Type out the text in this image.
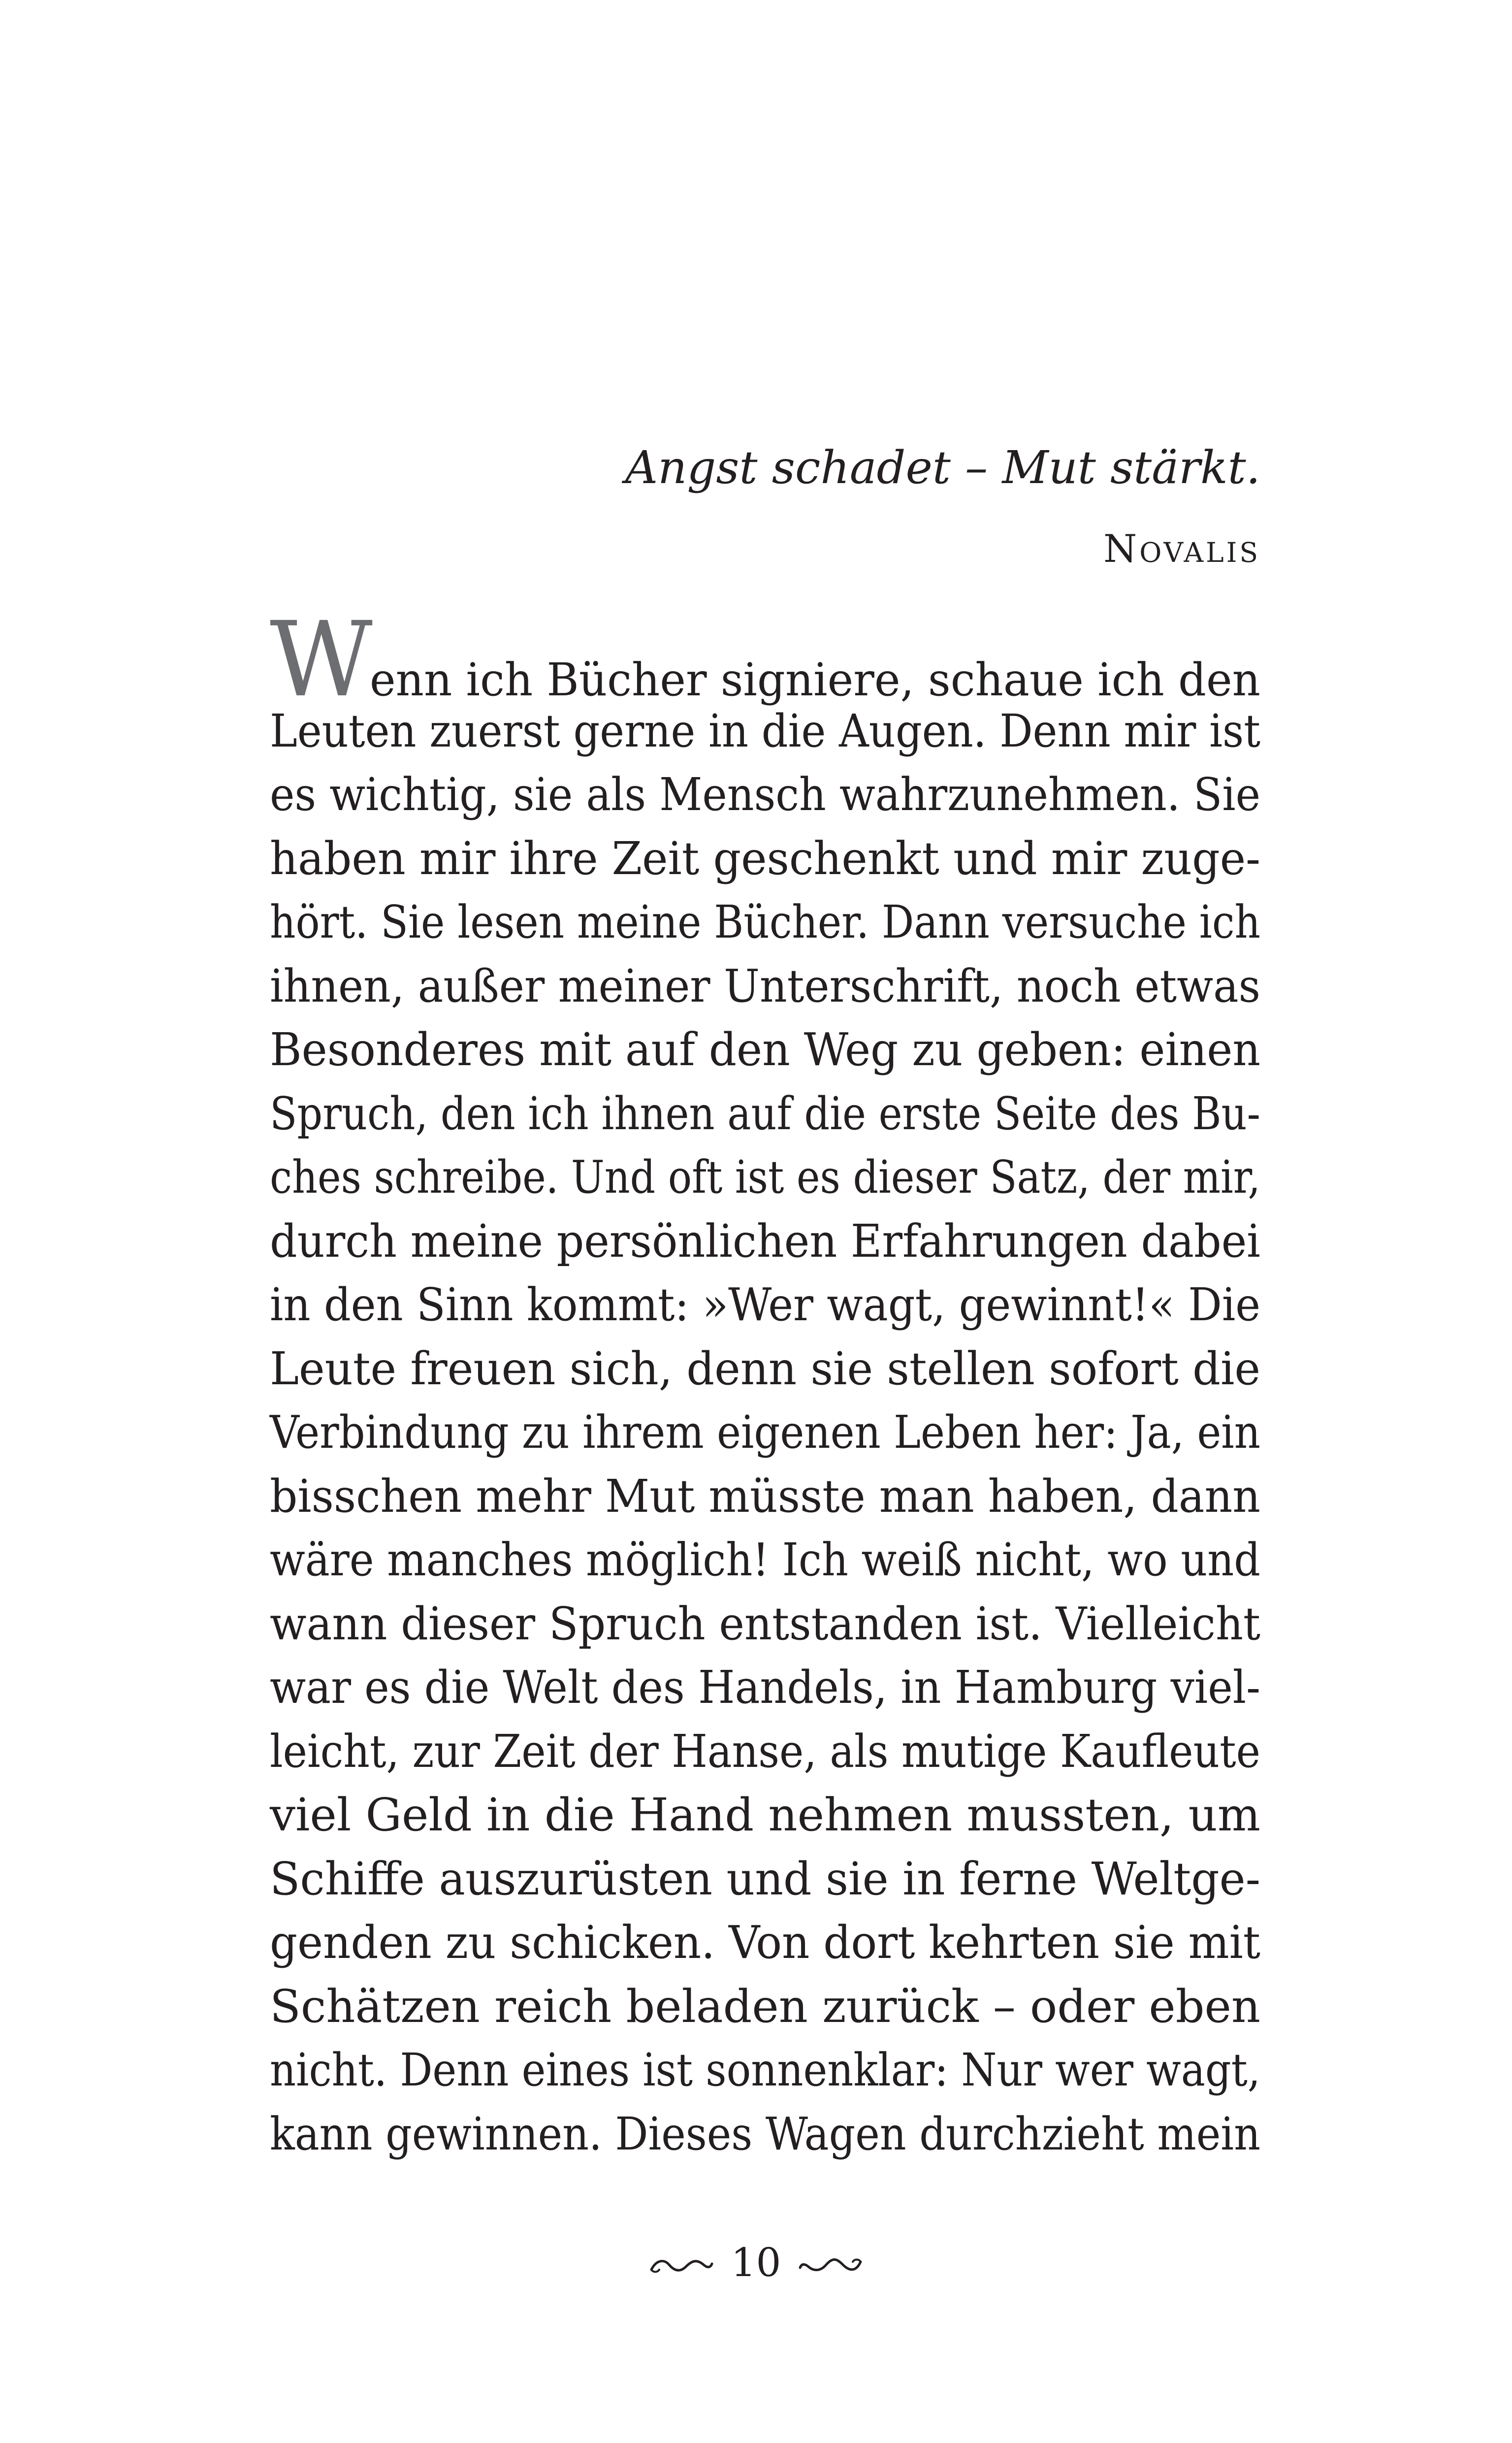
Angst schadet – Mut stärkt.
Novalis
Wenn ich Bücher signiere, schaue ich den
Leuten zuerst gerne in die Augen. Denn mir ist
es wichtig, sie als Mensch wahrzunehmen. Sie
haben mir ihre Zeit geschenkt und mir zuge-
hört. Sie lesen meine Bücher. Dann versuche ich
ihnen, außer meiner Unterschrift, noch etwas
Besonderes mit auf den Weg zu geben: einen
Spruch, den ich ihnen auf die erste Seite des Bu-
ches schreibe. Und oft ist es dieser Satz, der mir,
durch meine persönlichen Erfahrungen dabei
in den Sinn kommt: »Wer wagt, gewinnt!« Die
Leute freuen sich, denn sie stellen sofort die
Verbindung zu ihrem eigenen Leben her: Ja, ein
bisschen mehr Mut müsste man haben, dann
wäre manches möglich! Ich weiß nicht, wo und
wann dieser Spruch entstanden ist. Vielleicht
war es die Welt des Handels, in Hamburg viel-
leicht, zur Zeit der Hanse, als mutige Kaufleute
viel Geld in die Hand nehmen mussten, um
Schiffe auszurüsten und sie in ferne Weltge-
genden zu schicken. Von dort kehrten sie mit
Schätzen reich beladen zurück – oder eben
nicht. Denn eines ist sonnenklar: Nur wer wagt,
kann gewinnen. Dieses Wagen durchzieht mein
10
